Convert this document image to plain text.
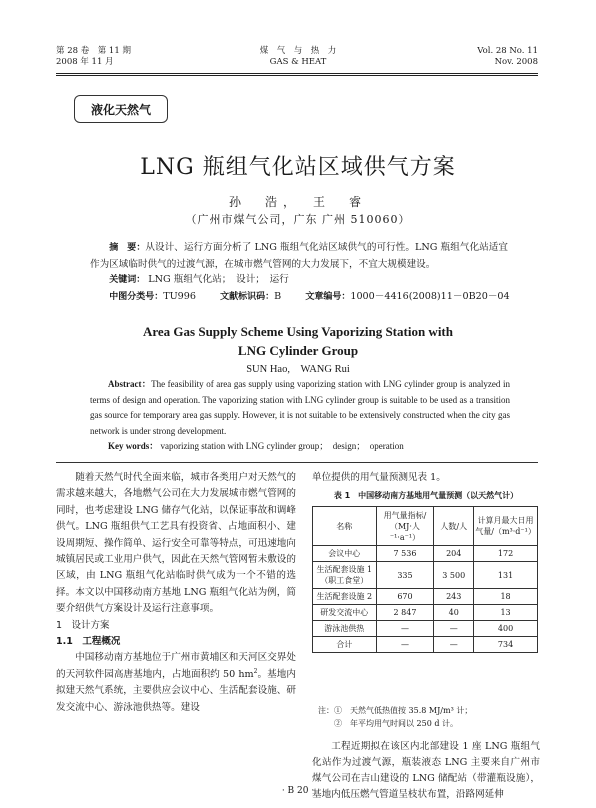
第 28 卷　第 11 期
2008 年 11 月
煤　气　与　热　力
GAS & HEAT
Vol. 28 No. 11
Nov. 2008
液化天然气
LNG 瓶组气化站区域供气方案
孙　浩，　王　睿
（广州市煤气公司，广东 广州 510060）
摘　要：从设计、运行方面分析了 LNG 瓶组气化站区域供气的可行性。LNG 瓶组气化站适宜作为区域临时供气的过渡气源，在城市燃气管网的大力发展下，不宜大规模建设。
关键词： LNG 瓶组气化站；　设计；　运行
中图分类号：TU996	文献标识码：B	文章编号：1000－4416(2008)11－0B20－04
Area Gas Supply Scheme Using Vaporizing Station with
LNG Cylinder Group
SUN Hao,　WANG Rui
Abstract：The feasibility of area gas supply using vaporizing station with LNG cylinder group is analyzed in terms of design and operation. The vaporizing station with LNG cylinder group is suitable to be used as a transition gas source for temporary area gas supply. However, it is not suitable to be extensively constructed when the city gas network is under strong development.
Key words： vaporizing station with LNG cylinder group；　design；　operation

随着天然气时代全面来临，城市各类用户对天然气的需求越来越大，各地燃气公司在大力发展城市燃气管网的同时，也考虑建设 LNG 储存气化站，以保证事故和调峰供气。LNG 瓶组供气工艺具有投资省、占地面积小、建设周期短、操作简单、运行安全可靠等特点，可迅速地向城镇居民或工业用户供气，因此在天然气管网暂未敷设的区域，由 LNG 瓶组气化站临时供气成为一个不错的选择。本文以中国移动南方基地 LNG 瓶组气化站为例，简要介绍供气方案设计及运行注意事项。

1　设计方案

1.1　工程概况

中国移动南方基地位于广州市黄埔区和天河区交界处的天河软件园高唐基地内，占地面积约 50 $hm^2$。基地内拟建天然气系统，主要供应会议中心、生活配套设施、研发交流中心、游泳池供热等。建设

单位提供的用气量预测见表 1。
表 1　中国移动南方基地用气量预测（以天然气计）
名称	用气量指标/（MJ·人⁻¹·a⁻¹）	人数/人	计算月最大日用气量/（m³·d⁻¹）
会议中心	7 536	204	172
生活配套设施 1（职工食堂）	335	3 500	131
生活配套设施 2	670	243	18
研发交流中心	2 847	40	13
游泳池供热	—	—	400
合计	—	—	734
注：①　天然气低热值按 35.8 MJ/m³ 计；
②　年平均用气时间以 250 d 计。

工程近期拟在该区内北部建设 1 座 LNG 瓶组气化站作为过渡气源，瓶装液态 LNG 主要来自广州市煤气公司在吉山建设的 LNG 储配站（带灌瓶设施），基地内低压燃气管道呈枝状布置，沿路网延伸

· B 20 ·
